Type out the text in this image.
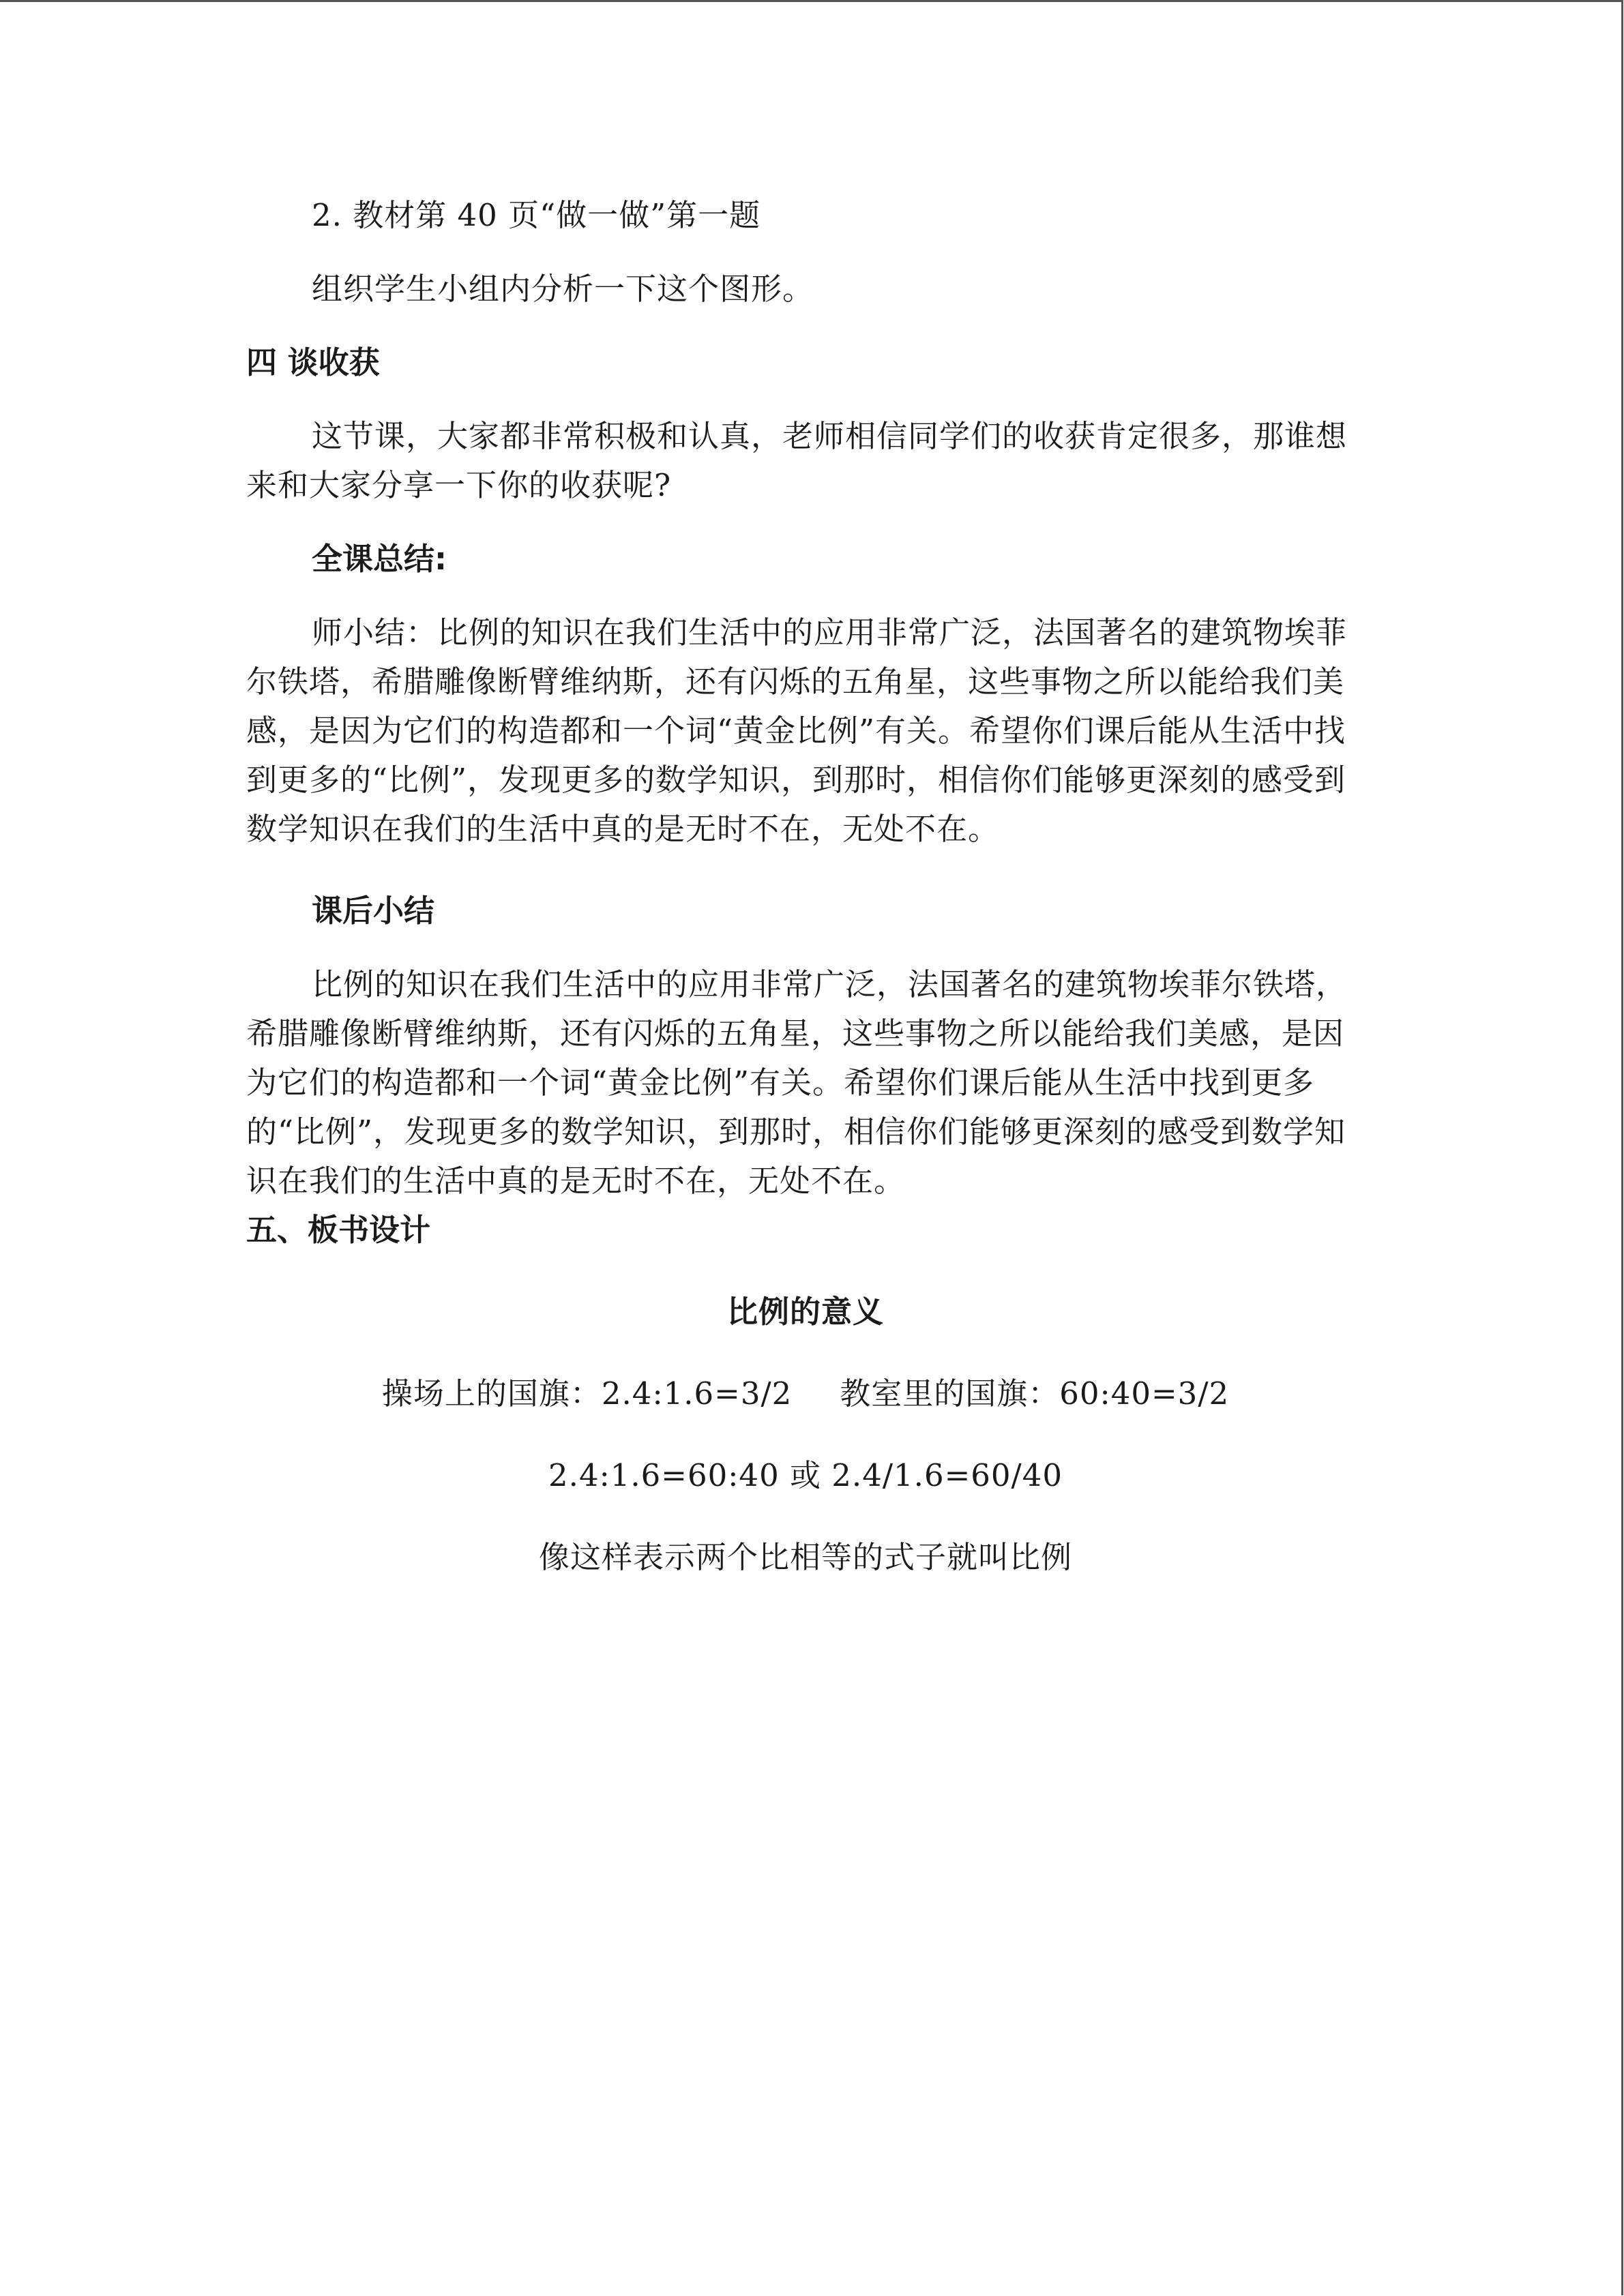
2. 教材第 40 页“做一做”第一题

组织学生小组内分析一下这个图形。

四 谈收获

这节课，大家都非常积极和认真，老师相信同学们的收获肯定很多，那谁想来和大家分享一下你的收获呢?

全课总结:

师小结：比例的知识在我们生活中的应用非常广泛，法国著名的建筑物埃菲尔铁塔，希腊雕像断臂维纳斯，还有闪烁的五角星，这些事物之所以能给我们美感，是因为它们的构造都和一个词“黄金比例”有关。希望你们课后能从生活中找到更多的“比例”，发现更多的数学知识，到那时，相信你们能够更深刻的感受到数学知识在我们的生活中真的是无时不在，无处不在。

课后小结

比例的知识在我们生活中的应用非常广泛，法国著名的建筑物埃菲尔铁塔，希腊雕像断臂维纳斯，还有闪烁的五角星，这些事物之所以能给我们美感，是因为它们的构造都和一个词“黄金比例”有关。希望你们课后能从生活中找到更多的“比例”，发现更多的数学知识，到那时，相信你们能够更深刻的感受到数学知识在我们的生活中真的是无时不在，无处不在。

五、板书设计

比例的意义

操场上的国旗：2.4:1.6=3/2 教室里的国旗：60:40=3/2

2.4:1.6=60:40 或 2.4/1.6=60/40

像这样表示两个比相等的式子就叫比例
